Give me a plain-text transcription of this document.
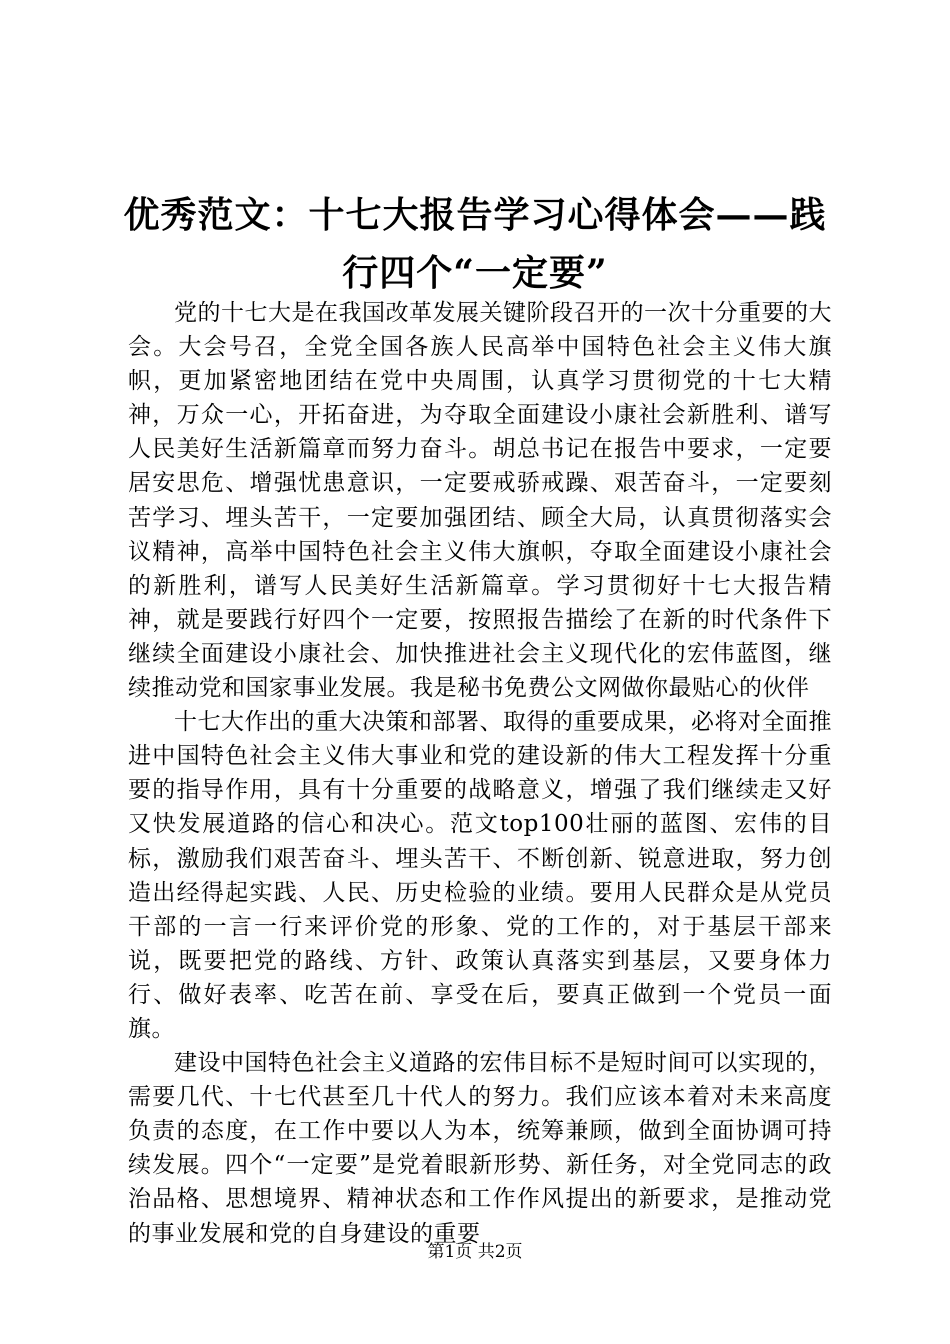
优秀范文：十七大报告学习心得体会——践行四个“一定要”

党的十七大是在我国改革发展关键阶段召开的一次十分重要的大会。大会号召，全党全国各族人民高举中国特色社会主义伟大旗帜，更加紧密地团结在党中央周围，认真学习贯彻党的十七大精神，万众一心，开拓奋进，为夺取全面建设小康社会新胜利、谱写人民美好生活新篇章而努力奋斗。胡总书记在报告中要求，一定要居安思危、增强忧患意识，一定要戒骄戒躁、艰苦奋斗，一定要刻苦学习、埋头苦干，一定要加强团结、顾全大局，认真贯彻落实会议精神，高举中国特色社会主义伟大旗帜，夺取全面建设小康社会的新胜利，谱写人民美好生活新篇章。学习贯彻好十七大报告精神，就是要践行好四个一定要，按照报告描绘了在新的时代条件下继续全面建设小康社会、加快推进社会主义现代化的宏伟蓝图，继续推动党和国家事业发展。我是秘书免费公文网做你最贴心的伙伴

十七大作出的重大决策和部署、取得的重要成果，必将对全面推进中国特色社会主义伟大事业和党的建设新的伟大工程发挥十分重要的指导作用，具有十分重要的战略意义，增强了我们继续走又好又快发展道路的信心和决心。范文top100壮丽的蓝图、宏伟的目标，激励我们艰苦奋斗、埋头苦干、不断创新、锐意进取，努力创造出经得起实践、人民、历史检验的业绩。要用人民群众是从党员干部的一言一行来评价党的形象、党的工作的，对于基层干部来说，既要把党的路线、方针、政策认真落实到基层，又要身体力行、做好表率、吃苦在前、享受在后，要真正做到一个党员一面旗。

建设中国特色社会主义道路的宏伟目标不是短时间可以实现的，需要几代、十七代甚至几十代人的努力。我们应该本着对未来高度负责的态度，在工作中要以人为本，统筹兼顾，做到全面协调可持续发展。四个“一定要”是党着眼新形势、新任务，对全党同志的政治品格、思想境界、精神状态和工作作风提出的新要求，是推动党的事业发展和党的自身建设的重要

第1页 共2页
